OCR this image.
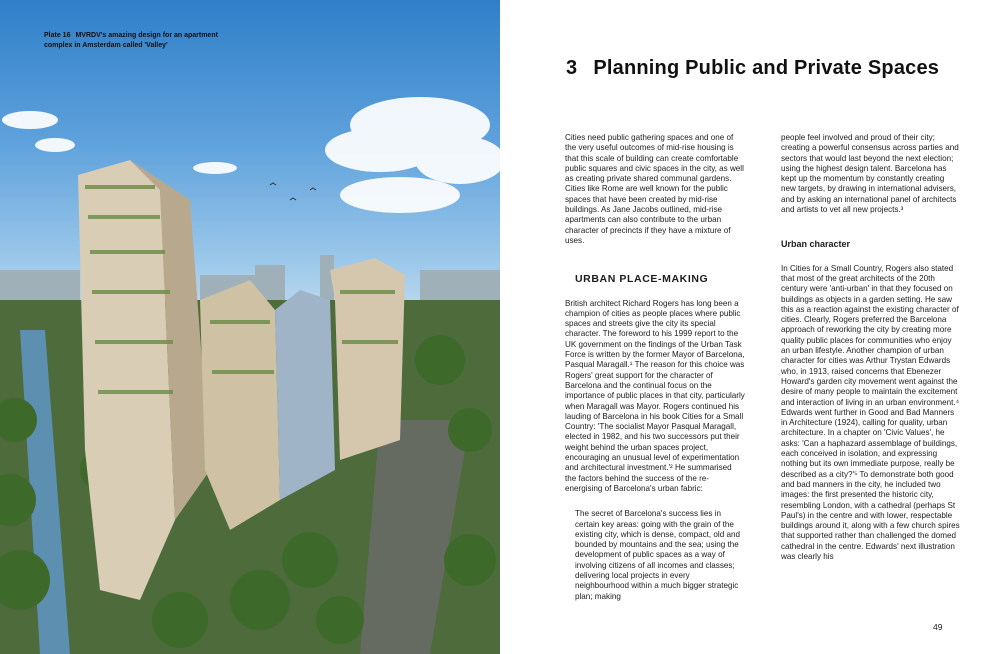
Plate 16 MVRDV's amazing design for an apartment complex in Amsterdam called 'Valley'
3 Planning Public and Private Spaces

Cities need public gathering spaces and one of the very useful outcomes of mid-rise housing is that this scale of building can create comfortable public squares and civic spaces in the city, as well as creating private shared communal gardens. Cities like Rome are well known for the public spaces that have been created by mid-rise buildings. As Jane Jacobs outlined, mid-rise apartments can also contribute to the urban character of precincts if they have a mixture of uses.

URBAN PLACE-MAKING

British architect Richard Rogers has long been a champion of cities as people places where public spaces and streets give the city its special character. The foreword to his 1999 report to the UK government on the findings of the Urban Task Force is written by the former Mayor of Barcelona, Pasqual Maragall.¹ The reason for this choice was Rogers' great support for the character of Barcelona and the continual focus on the importance of public places in that city, particularly when Maragall was Mayor. Rogers continued his lauding of Barcelona in his book Cities for a Small Country: 'The socialist Mayor Pasqual Maragall, elected in 1982, and his two successors put their weight behind the urban spaces project, encouraging an unusual level of experimentation and architectural investment.'² He summarised the factors behind the success of the re-energising of Barcelona's urban fabric:

The secret of Barcelona's success lies in certain key areas: going with the grain of the existing city, which is dense, compact, old and bounded by mountains and the sea; using the development of public spaces as a way of involving citizens of all incomes and classes; delivering local projects in every neighbourhood within a much bigger strategic plan; making

people feel involved and proud of their city; creating a powerful consensus across parties and sectors that would last beyond the next election; using the highest design talent. Barcelona has kept up the momentum by constantly creating new targets, by drawing in international advisers, and by asking an international panel of architects and artists to vet all new projects.³

Urban character

In Cities for a Small Country, Rogers also stated that most of the great architects of the 20th century were 'anti-urban' in that they focused on buildings as objects in a garden setting. He saw this as a reaction against the existing character of cities. Clearly, Rogers preferred the Barcelona approach of reworking the city by creating more quality public places for communities who enjoy an urban lifestyle. Another champion of urban character for cities was Arthur Trystan Edwards who, in 1913, raised concerns that Ebenezer Howard's garden city movement went against the desire of many people to maintain the excitement and interaction of living in an urban environment.⁴ Edwards went further in Good and Bad Manners in Architecture (1924), calling for quality, urban architecture. In a chapter on 'Civic Values', he asks: 'Can a haphazard assemblage of buildings, each conceived in isolation, and expressing nothing but its own immediate purpose, really be described as a city?'⁵ To demonstrate both good and bad manners in the city, he included two images: the first presented the historic city, resembling London, with a cathedral (perhaps St Paul's) in the centre and with lower, respectable buildings around it, along with a few church spires that supported rather than challenged the domed cathedral in the centre. Edwards' next illustration was clearly his

49
